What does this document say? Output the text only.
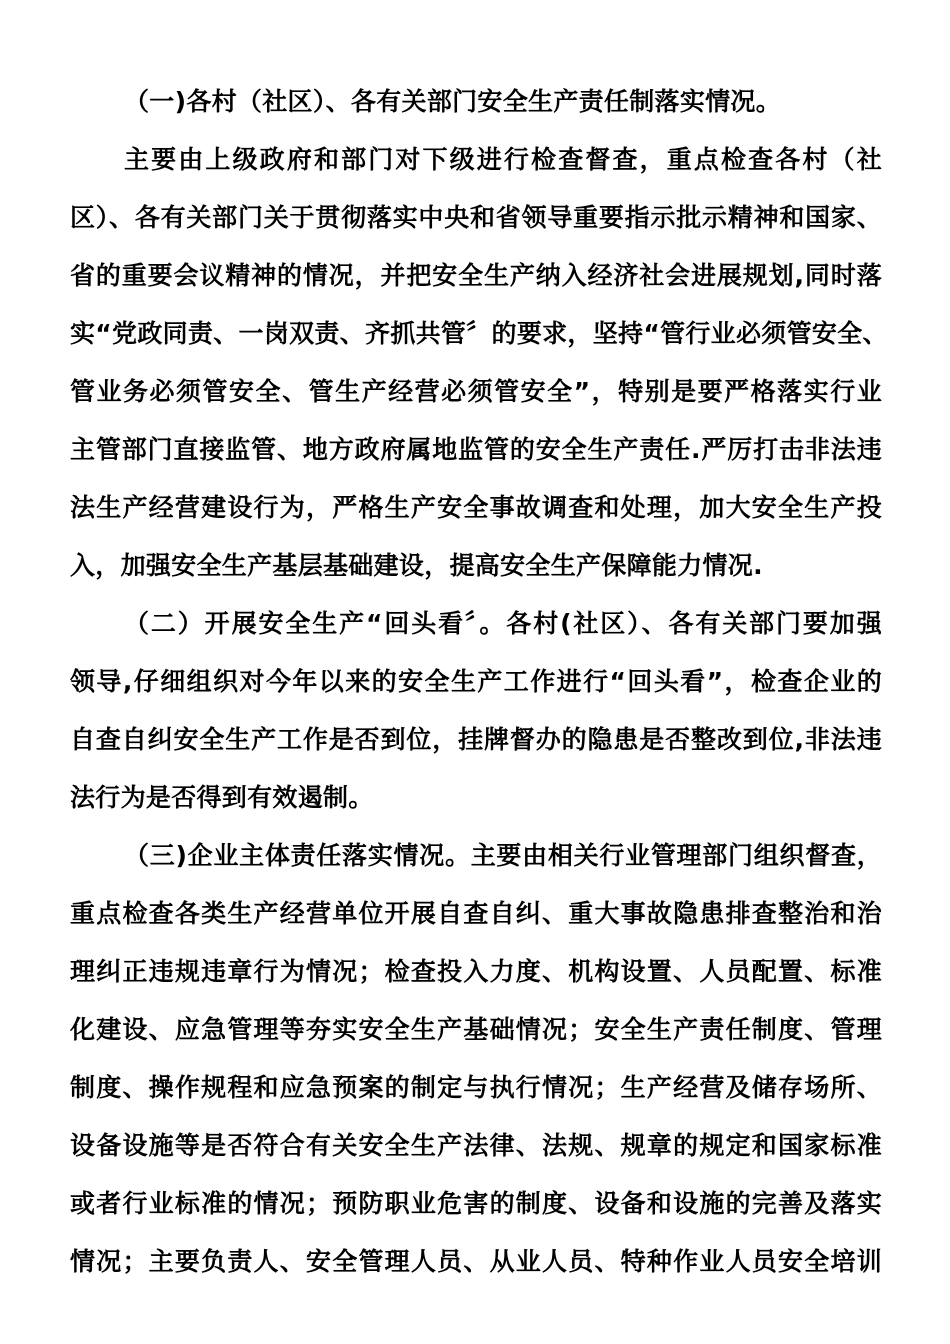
（一)各村（社区）、各有关部门安全生产责任制落实情况。
主要由上级政府和部门对下级进行检查督查，重点检查各村（社
区）、各有关部门关于贯彻落实中央和省领导重要指示批示精神和国家、
省的重要会议精神的情况，并把安全生产纳入经济社会进展规划,同时落
实“党政同责、一岗双责、齐抓共管〞的要求，坚持“管行业必须管安全、
管业务必须管安全、管生产经营必须管安全”，特别是要严格落实行业
主管部门直接监管、地方政府属地监管的安全生产责任.严厉打击非法违
法生产经营建设行为，严格生产安全事故调查和处理，加大安全生产投
入，加强安全生产基层基础建设，提高安全生产保障能力情况.
（二）开展安全生产“回头看〞。各村(社区）、各有关部门要加强
领导,仔细组织对今年以来的安全生产工作进行“回头看”，检查企业的
自查自纠安全生产工作是否到位，挂牌督办的隐患是否整改到位,非法违
法行为是否得到有效遏制。
（三)企业主体责任落实情况。主要由相关行业管理部门组织督查，
重点检查各类生产经营单位开展自查自纠、重大事故隐患排查整治和治
理纠正违规违章行为情况；检查投入力度、机构设置、人员配置、标准
化建设、应急管理等夯实安全生产基础情况；安全生产责任制度、管理
制度、操作规程和应急预案的制定与执行情况；生产经营及储存场所、
设备设施等是否符合有关安全生产法律、法规、规章的规定和国家标准
或者行业标准的情况；预防职业危害的制度、设备和设施的完善及落实
情况；主要负责人、安全管理人员、从业人员、特种作业人员安全培训
